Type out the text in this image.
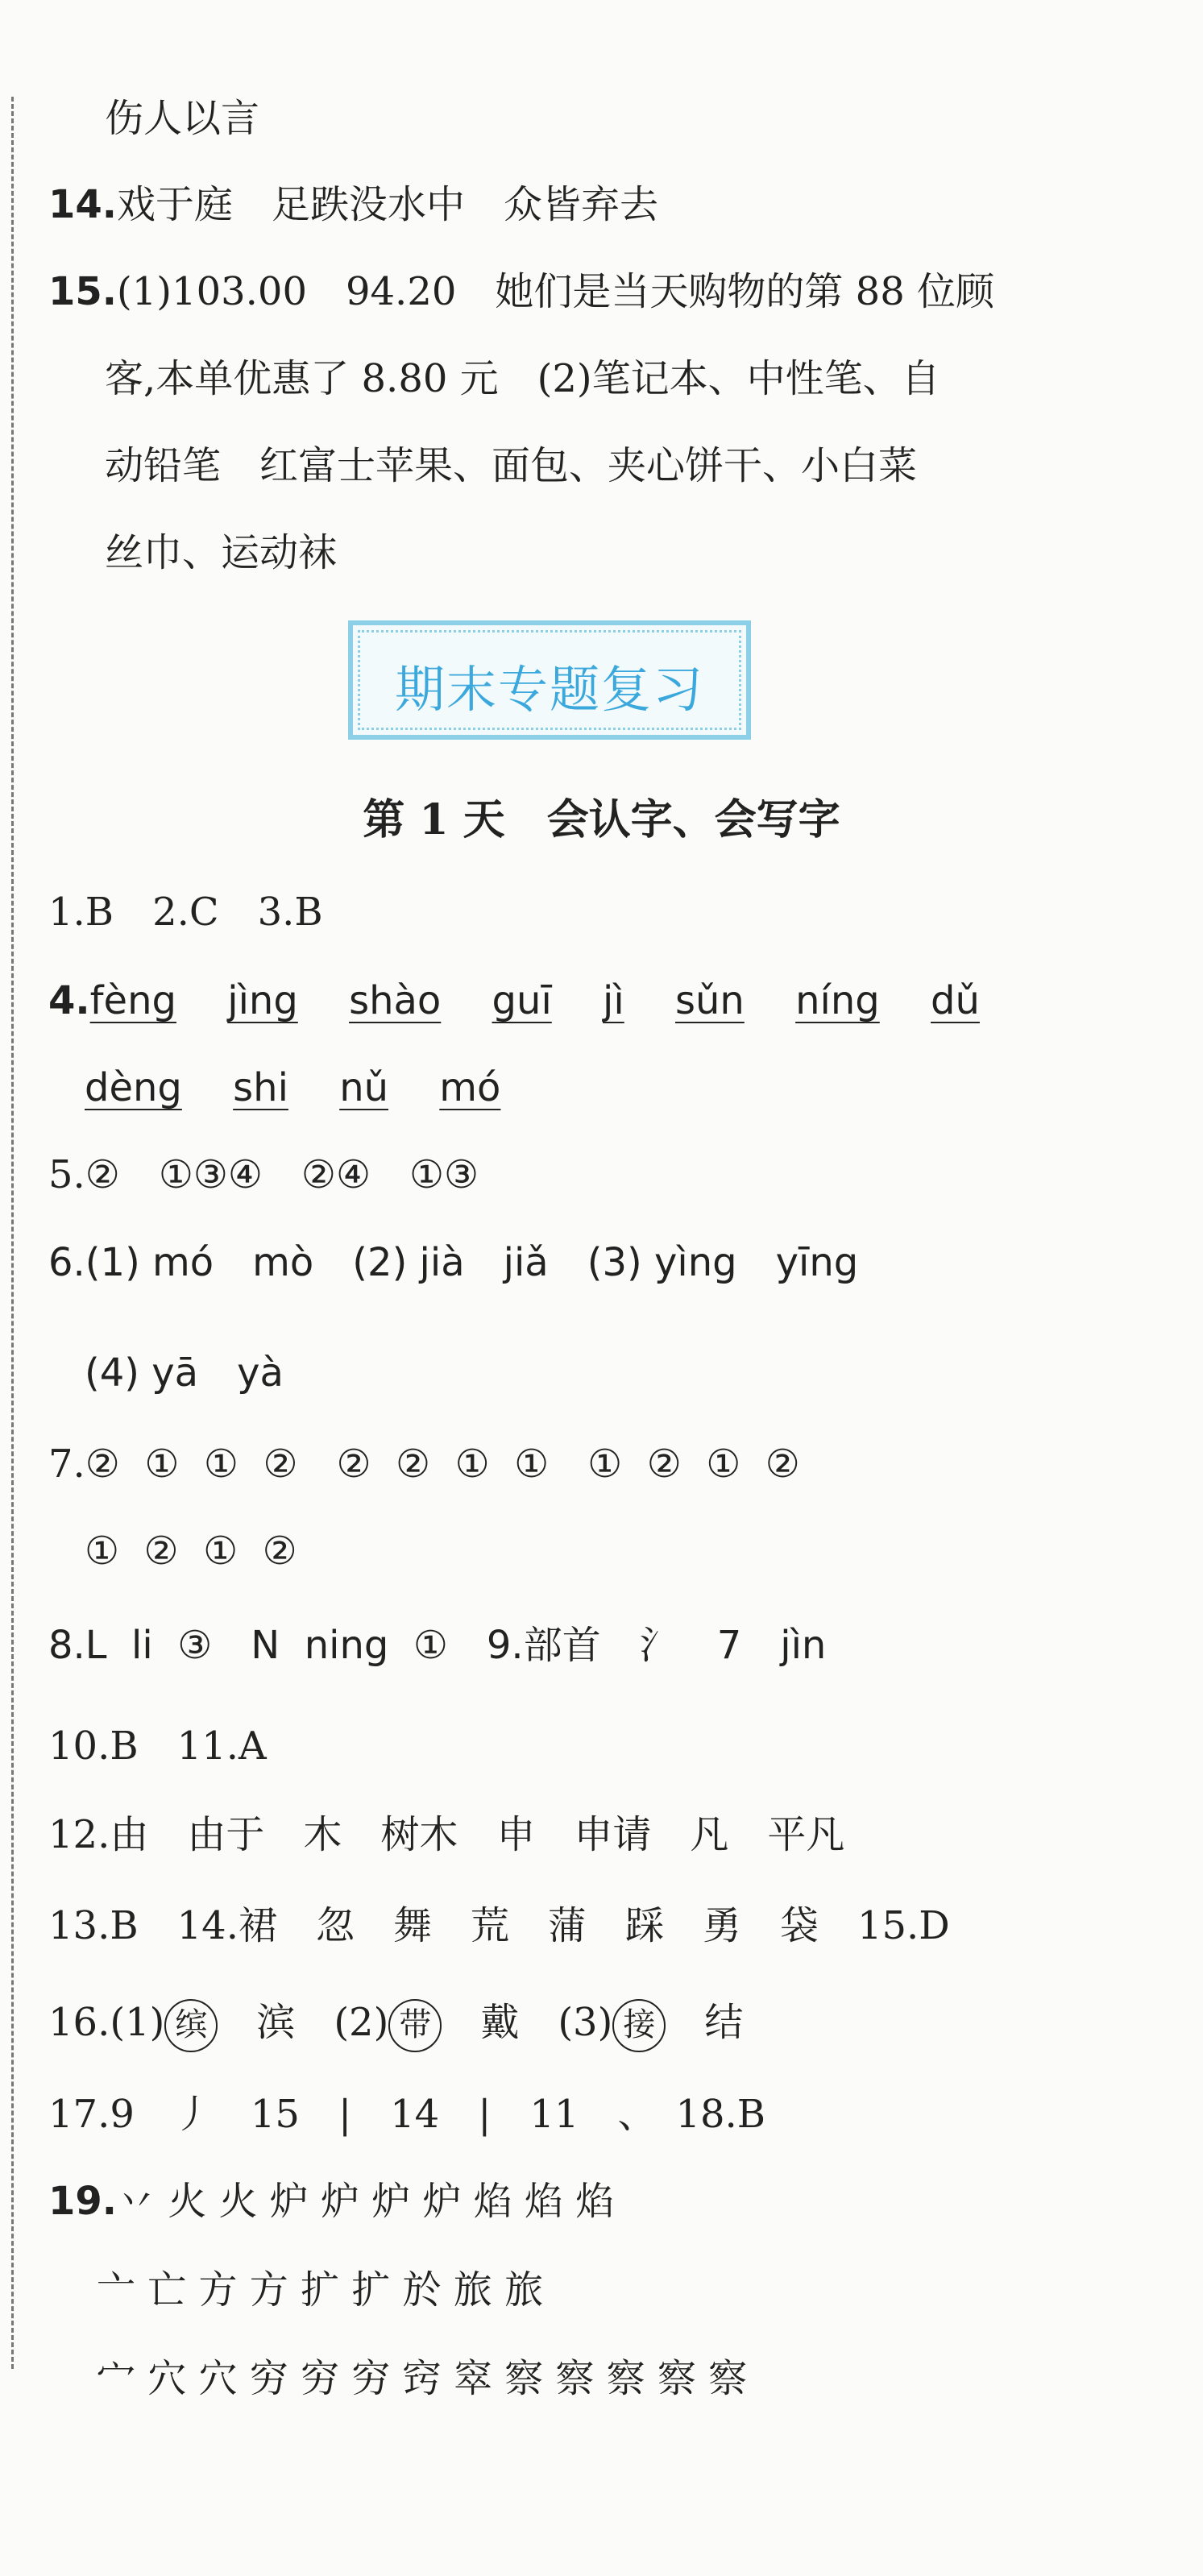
伤人以言
14.戏于庭　足跌没水中　众皆弃去
15.(1)103.00　94.20　她们是当天购物的第 88 位顾
客,本单优惠了 8.80 元　(2)笔记本、中性笔、自
动铅笔　红富士苹果、面包、夹心饼干、小白菜
丝巾、运动袜
期末专题复习
第 1 天　会认字、会写字
1.B　2.C　3.B
4.fèng　 jìng　 shào　 guī　 jì　 sǔn　 níng　 dǔ
dèng　 shi　 nǔ　 mó
5.②　①③④　②④　①③
6.(1) mó　mò　(2) jià　jiǎ　(3) yìng　yīng
(4) yā　yà
7.②  ①  ①  ②　②  ②  ①  ①　①  ②  ①  ②
①  ②  ①  ②
8.L  li  ③　N  ning  ①　9.部首　氵　7　jìn
10.B　11.A
12.由　由于　木　树木　申　申请　凡　平凡
13.B　14.裙　忽　舞　荒　蒲　踩　勇　袋　15.D
16.(1) 缤　滨　(2) 带　戴　(3) 接　结
17.9　丿　15　|　14　|　11　、　18.B
19.丷 火 火 炉 炉 炉 炉 焰 焰 焰
亠 亡 方 方 扩 扩 於 旅 旅
宀 穴 穴 穷 穷 穷 窍 窣 察 察 察 察 察
